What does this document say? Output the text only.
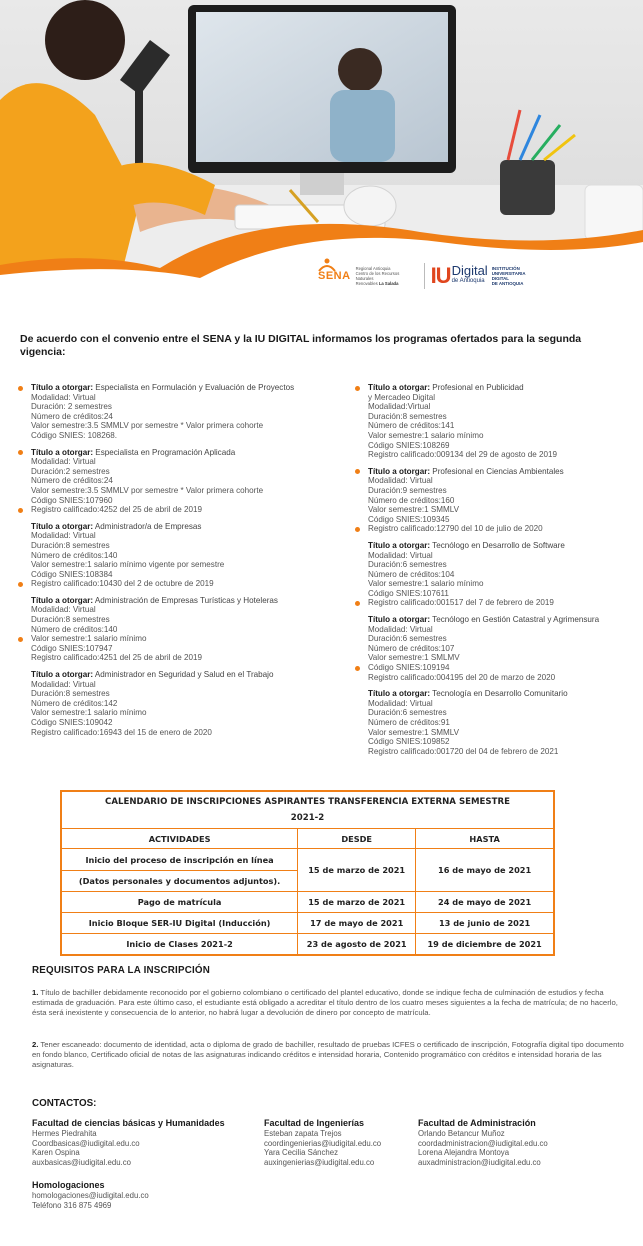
SENA
Regional Antioquia
Centro de los Recursos Naturales
Renovables La Salada	IU Digital
de Antioquia
INSTITUCIÓN
UNIVERSITARIA
DIGITAL
DE ANTIOQUIA
De acuerdo con el convenio entre el SENA y la IU DIGITAL informamos los programas ofertados para la segunda vigencia:
Título a otorgar: Especialista en Formulación y Evaluación de Proyectos
Modalidad: Virtual
Duración: 2 semestres
Número de créditos:24
Valor semestre:3.5 SMMLV por semestre * Valor primera cohorte
Código SNIES: 108268.
Título a otorgar: Especialista en Programación Aplicada
Modalidad: Virtual
Duración:2 semestres
Número de créditos:24
Valor semestre:3.5 SMMLV por semestre * Valor primera cohorte
Código SNIES:107960
Registro calificado:4252 del 25 de abril de 2019
Título a otorgar: Administrador/a de Empresas
Modalidad: Virtual
Duración:8 semestres
Número de créditos:140
Valor semestre:1 salario mínimo vigente por semestre
Código SNIES:108384
Registro calificado:10430 del 2 de octubre de 2019
Título a otorgar: Administración de Empresas Turísticas y Hoteleras
Modalidad: Virtual
Duración:8 semestres
Número de créditos:140
Valor semestre:1 salario mínimo
Código SNIES:107947
Registro calificado:4251 del 25 de abril de 2019
Título a otorgar: Administrador en Seguridad y Salud en el Trabajo
Modalidad: Virtual
Duración:8 semestres
Número de créditos:142
Valor semestre:1 salario mínimo
Código SNIES:109042
Registro calificado:16943 del 15 de enero de 2020
Título a otorgar: Profesional en Publicidad
y Mercadeo Digital
Modalidad:Virtual
Duración:8 semestres
Número de créditos:141
Valor semestre:1 salario mínimo
Código SNIES:108269
Registro calificado:009134 del 29 de agosto de 2019
Título a otorgar: Profesional en Ciencias Ambientales
Modalidad: Virtual
Duración:9 semestres
Número de créditos:160
Valor semestre:1 SMMLV
Código SNIES:109345
Registro calificado:12790 del 10 de julio de 2020
Título a otorgar: Tecnólogo en Desarrollo de Software
Modalidad: Virtual
Duración:6 semestres
Número de créditos:104
Valor semestre:1 salario mínimo
Código SNIES:107611
Registro calificado:001517 del 7 de febrero de 2019
Título a otorgar: Tecnólogo en Gestión Catastral y Agrimensura
Modalidad: Virtual
Duración:6 semestres
Número de créditos:107
Valor semestre:1 SMLMV
Código SNIES:109194
Registro calificado:004195 del 20 de marzo de 2020
Título a otorgar: Tecnología en Desarrollo Comunitario
Modalidad: Virtual
Duración:6 semestres
Número de créditos:91
Valor semestre:1 SMMLV
Código SNIES:109852
Registro calificado:001720 del 04 de febrero de 2021
CALENDARIO DE INSCRIPCIONES ASPIRANTES TRANSFERENCIA EXTERNA SEMESTRE
2021-2		

ACTIVIDADES	DESDE	HASTA
Inicio del proceso de inscripción en línea	15 de marzo de 2021	16 de mayo de 2021
(Datos personales y documentos adjuntos).		
Pago de matrícula	15 de marzo de 2021	24 de mayo de 2021
Inicio Bloque SER-IU Digital (Inducción)	17 de mayo de 2021	13 de junio de 2021
Inicio de Clases 2021-2	23 de agosto de 2021	19 de diciembre de 2021
REQUISITOS PARA LA INSCRIPCIÓN
1. Título de bachiller debidamente reconocido por el gobierno colombiano o certificado del plantel educativo, donde se indique fecha de culminación de estudios y fecha estimada de graduación. Para este último caso, el estudiante está obligado a acreditar el título dentro de los cuatro meses siguientes a la fecha de matrícula; de no hacerlo, ésta será inexistente y consecuencia de lo anterior, no habrá lugar a devolución de dinero por concepto de matrícula.
2. Tener escaneado: documento de identidad, acta o diploma de grado de bachiller, resultado de pruebas ICFES o certificado de inscripción, Fotografía digital tipo documento en fondo blanco, Certificado oficial de notas de las asignaturas indicando créditos e intensidad horaria, Contenido programático con créditos e intensidad horaria de las asignaturas.
CONTACTOS:
Facultad de ciencias básicas y Humanidades
Hermes Piedrahita
Coordbasicas@iudigital.edu.co
Karen Ospina
auxbasicas@iudigital.edu.co
Facultad de Ingenierías
Esteban zapata Trejos
coordingenierias@iudigital.edu.co
Yara Cecilia Sánchez
auxingenierias@iudigital.edu.co
Facultad de Administración
Orlando Betancur Muñoz
coordadministracion@iudigital.edu.co
Lorena Alejandra Montoya
auxadministracion@iudigital.edu.co
Homologaciones
homologaciones@iudigital.edu.co
Teléfono 316 875 4969
